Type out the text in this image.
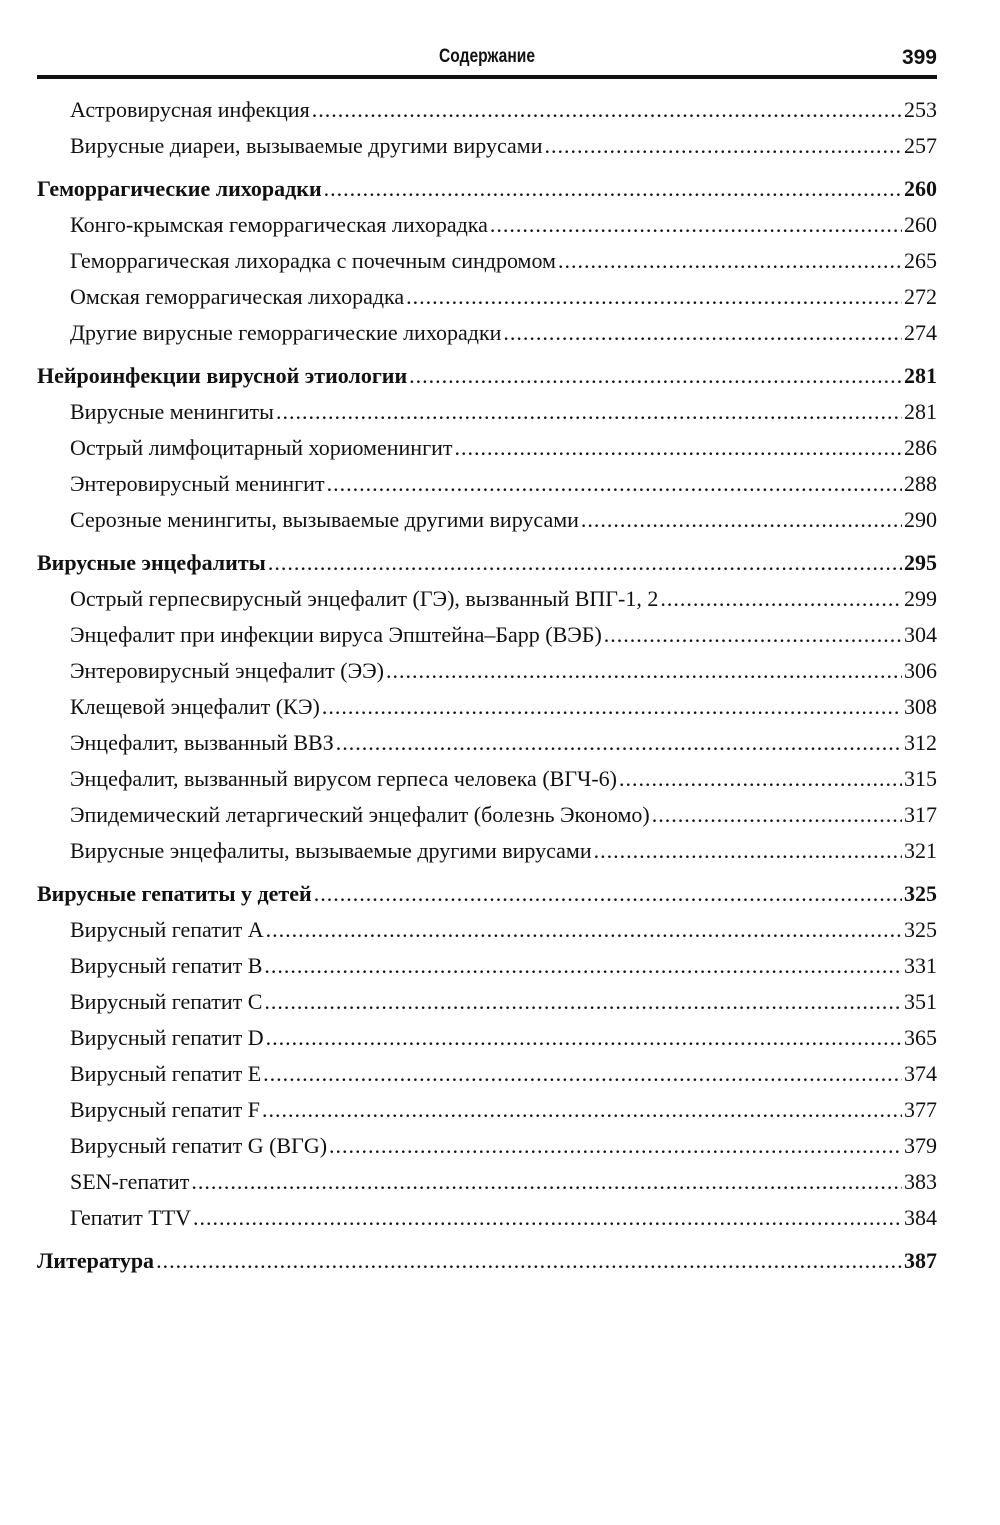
Содержание	399
Астровирусная инфекция .....	253
Вирусные диареи, вызываемые другими вирусами .....	257
Геморрагические лихорадки .....	260
Конго-крымская геморрагическая лихорадка .....	260
Геморрагическая лихорадка с почечным синдромом .....	265
Омская геморрагическая лихорадка .....	272
Другие вирусные геморрагические лихорадки .....	274
Нейроинфекции вирусной этиологии .....	281
Вирусные менингиты .....	281
Острый лимфоцитарный хориоменингит .....	286
Энтеровирусный менингит .....	288
Серозные менингиты, вызываемые другими вирусами .....	290
Вирусные энцефалиты .....	295
Острый герпесвирусный энцефалит (ГЭ), вызванный ВПГ-1, 2 .....	299
Энцефалит при инфекции вируса Эпштейна–Барр (ВЭБ) .....	304
Энтеровирусный энцефалит (ЭЭ) .....	306
Клещевой энцефалит (КЭ) .....	308
Энцефалит, вызванный ВВЗ .....	312
Энцефалит, вызванный вирусом герпеса человека (ВГЧ-6) .....	315
Эпидемический летаргический энцефалит (болезнь Экономо) .....	317
Вирусные энцефалиты, вызываемые другими вирусами .....	321
Вирусные гепатиты у детей .....	325
Вирусный гепатит A .....	325
Вирусный гепатит B .....	331
Вирусный гепатит C .....	351
Вирусный гепатит D .....	365
Вирусный гепатит E .....	374
Вирусный гепатит F .....	377
Вирусный гепатит G (ВГG) .....	379
SEN-гепатит .....	383
Гепатит TTV .....	384
Литература .....	387
